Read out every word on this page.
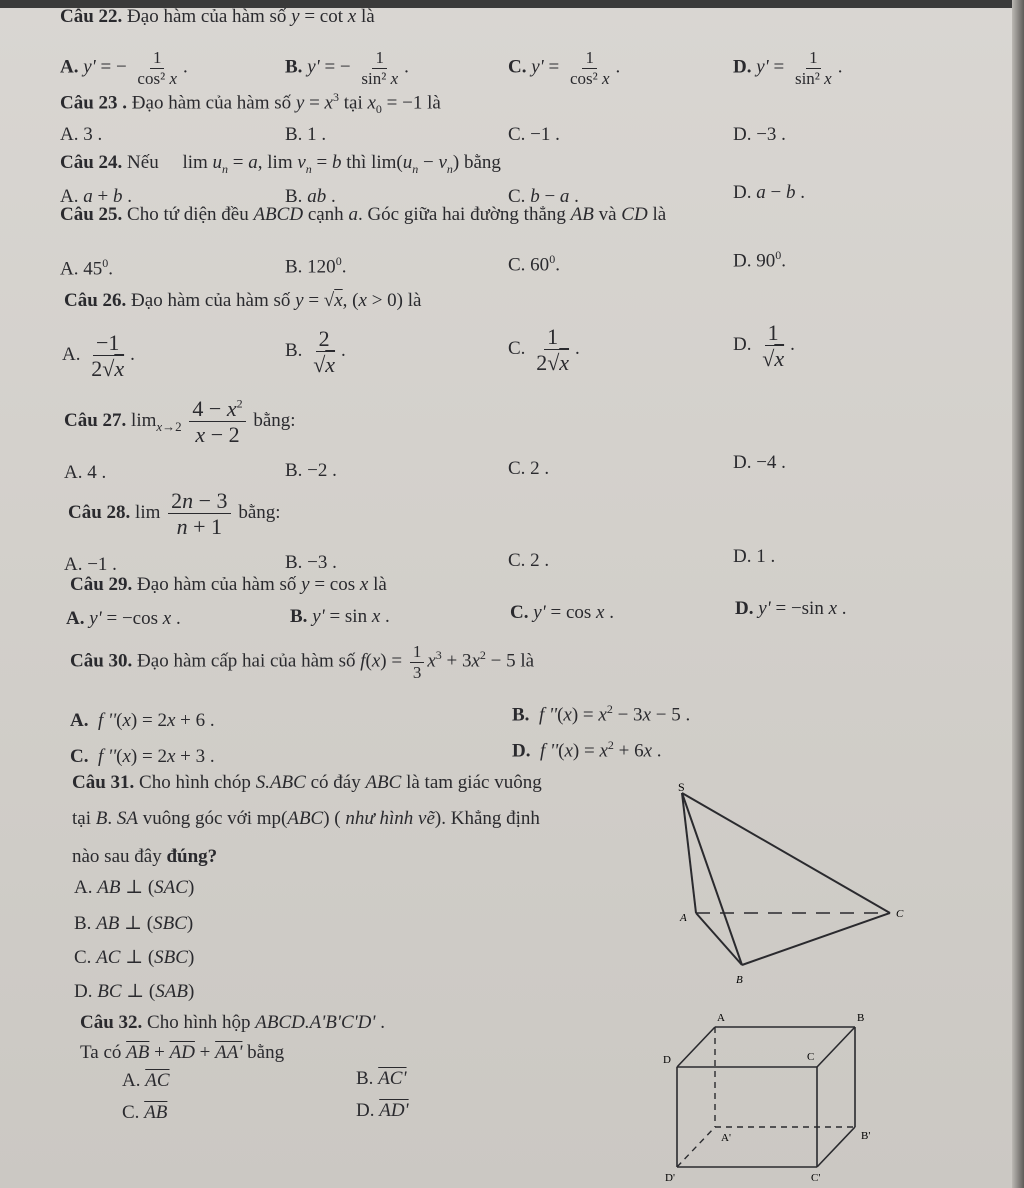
Câu 22. Đạo hàm của hàm số y = cot x là
A. y' = − $\frac{1}{\text{cos² x}}$ .	B. y' = − $\frac{1}{\text{sin² x}}$ .	C. $y' = \frac{1}{\text{cos² x}}$ .	D. $y' = \frac{1}{\text{sin² x}}$ .
Câu 23 . Đạo hàm của hàm số $y = x^3$ tại $x_0 = -1$ là
A. 3 .	B. 1 .	C. −1 .	D. −3 .
Câu 24. Nếu     $\lim u_n = a$, $\lim v_n = b$ thì $\lim(u_n - v_n)$ bằng
A. a + b .	B. ab .	C. b − a .	D. a − b .
Câu 25. Cho tứ diện đều ABCD cạnh a. Góc giữa hai đường thẳng AB và CD là
A. $45^0$.	B. $120^0$.	C. $60^0$.	D. $90^0$.
Câu 26. Đạo hàm của hàm số y = √x, (x > 0) là
A. $\frac{-1}{2√x}$ .	B. $\frac{2}{√x}$ .	C. $\frac{1}{2√x}$ .	D. $\frac{1}{√x}$ .
Câu 27. $\lim_{x\to 2} \frac{4 - x^2}{x - 2}$ bằng:
A. 4 .	B. −2 .	C. 2 .	D. −4 .
Câu 28. $\lim \frac{2n - 3}{n + 1}$ bằng:
A. −1 .	B. −3 .	C. 2 .	D. 1 .
Câu 29. Đạo hàm của hàm số y = cos x là
A. y' = −cos x .	B. y' = sin x .	C. y' = cos x .	D. y' = −sin x .
Câu 30. Đạo hàm cấp hai của hàm số $f(x) = \frac{1}{3} x^3 + 3x^2 - 5$ là
A. f ''(x) = 2x + 6 .	B. f ''$(x) = x^2 - 3x - 5$ .
C. f ''(x) = 2x + 3 .	D. f ''$(x) = x^2 + 6x$ .
Câu 31. Cho hình chóp S.ABC có đáy ABC là tam giác vuông
tại B. SA vuông góc với mp(ABC) ( như hình vẽ). Khẳng định
nào sau đây đúng?
A. AB ⊥ (SAC)
B. AB ⊥ (SBC)
C. AC ⊥ (SBC)
D. BC ⊥ (SAB)
S
A	C
B
Câu 32. Cho hình hộp ABCD.A'B'C'D' .
Ta có $\overline{AB} + \overline{AD} + AA'$ bằng
A. $\overline{AC}$	B. AC'
C. $\overline{AB}$	D. AD'
A	B
D	C
A'	B'
D'	C'
